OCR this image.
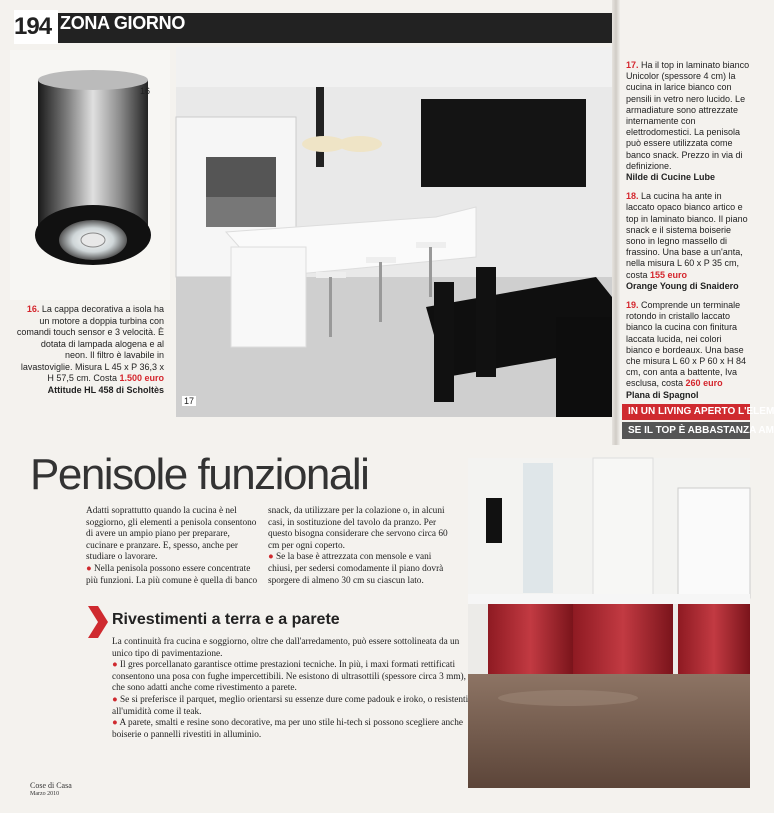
194 ZONA GIORNO
16
17
16. La cappa decorativa a isola ha un motore a doppia turbina con comandi touch sensor e 3 velocità. È dotata di lampada alogena e al neon. Il filtro è lavabile in lavastoviglie. Misura L 45 x P 36,3 x H 57,5 cm. Costa 1.500 euro
Attitude HL 458 di Scholtès

17. Ha il top in laminato bianco Unicolor (spessore 4 cm) la cucina in larice bianco con pensili in vetro nero lucido. Le armadiature sono attrezzate internamente con elettrodomestici. La penisola può essere utilizzata come banco snack. Prezzo in via di definizione.
Nilde di Cucine Lube

18. La cucina ha ante in laccato opaco bianco artico e top in laminato bianco. Il piano snack e il sistema boiserie sono in legno massello di frassino. Una base a un'anta, nella misura L 60 x P 35 cm, costa 155 euro
Orange Young di Snaidero

19. Comprende un terminale rotondo in cristallo laccato bianco la cucina con finitura laccata lucida, nei colori bianco e bordeaux. Una base che misura L 60 x P 60 x H 84 cm, con anta a battente, Iva esclusa, costa 260 euro
Plana di Spagnol

IN UN LIVING APERTO L'ELEM
SE IL TOP È ABBASTANZA AM
Penisole funzionali

Adatti soprattutto quando la cucina è nel soggiorno, gli elementi a penisola consentono di avere un ampio piano per preparare, cucinare e pranzare. E, spesso, anche per studiare o lavorare.

● Nella penisola possono essere concentrate più funzioni. La più comune è quella di banco

snack, da utilizzare per la colazione o, in alcuni casi, in sostituzione del tavolo da pranzo. Per questo bisogna considerare che servono circa 60 cm per ogni coperto.

● Se la base è attrezzata con mensole e vani chiusi, per sedersi comodamente il piano dovrà sporgere di almeno 30 cm su ciascun lato.

Rivestimenti a terra e a parete

La continuità fra cucina e soggiorno, oltre che dall'arredamento, può essere sottolineata da un unico tipo di pavimentazione.

● Il gres porcellanato garantisce ottime prestazioni tecniche. In più, i maxi formati rettificati consentono una posa con fughe impercettibili. Ne esistono di ultrasottili (spessore circa 3 mm), che sono adatti anche come rivestimento a parete.

● Se si preferisce il parquet, meglio orientarsi su essenze dure come padouk e iroko, o resistenti all'umidità come il teak.

● A parete, smalti e resine sono decorative, ma per uno stile hi-tech si possono scegliere anche boiserie o pannelli rivestiti in alluminio.

Cose di Casa
Marzo 2010
